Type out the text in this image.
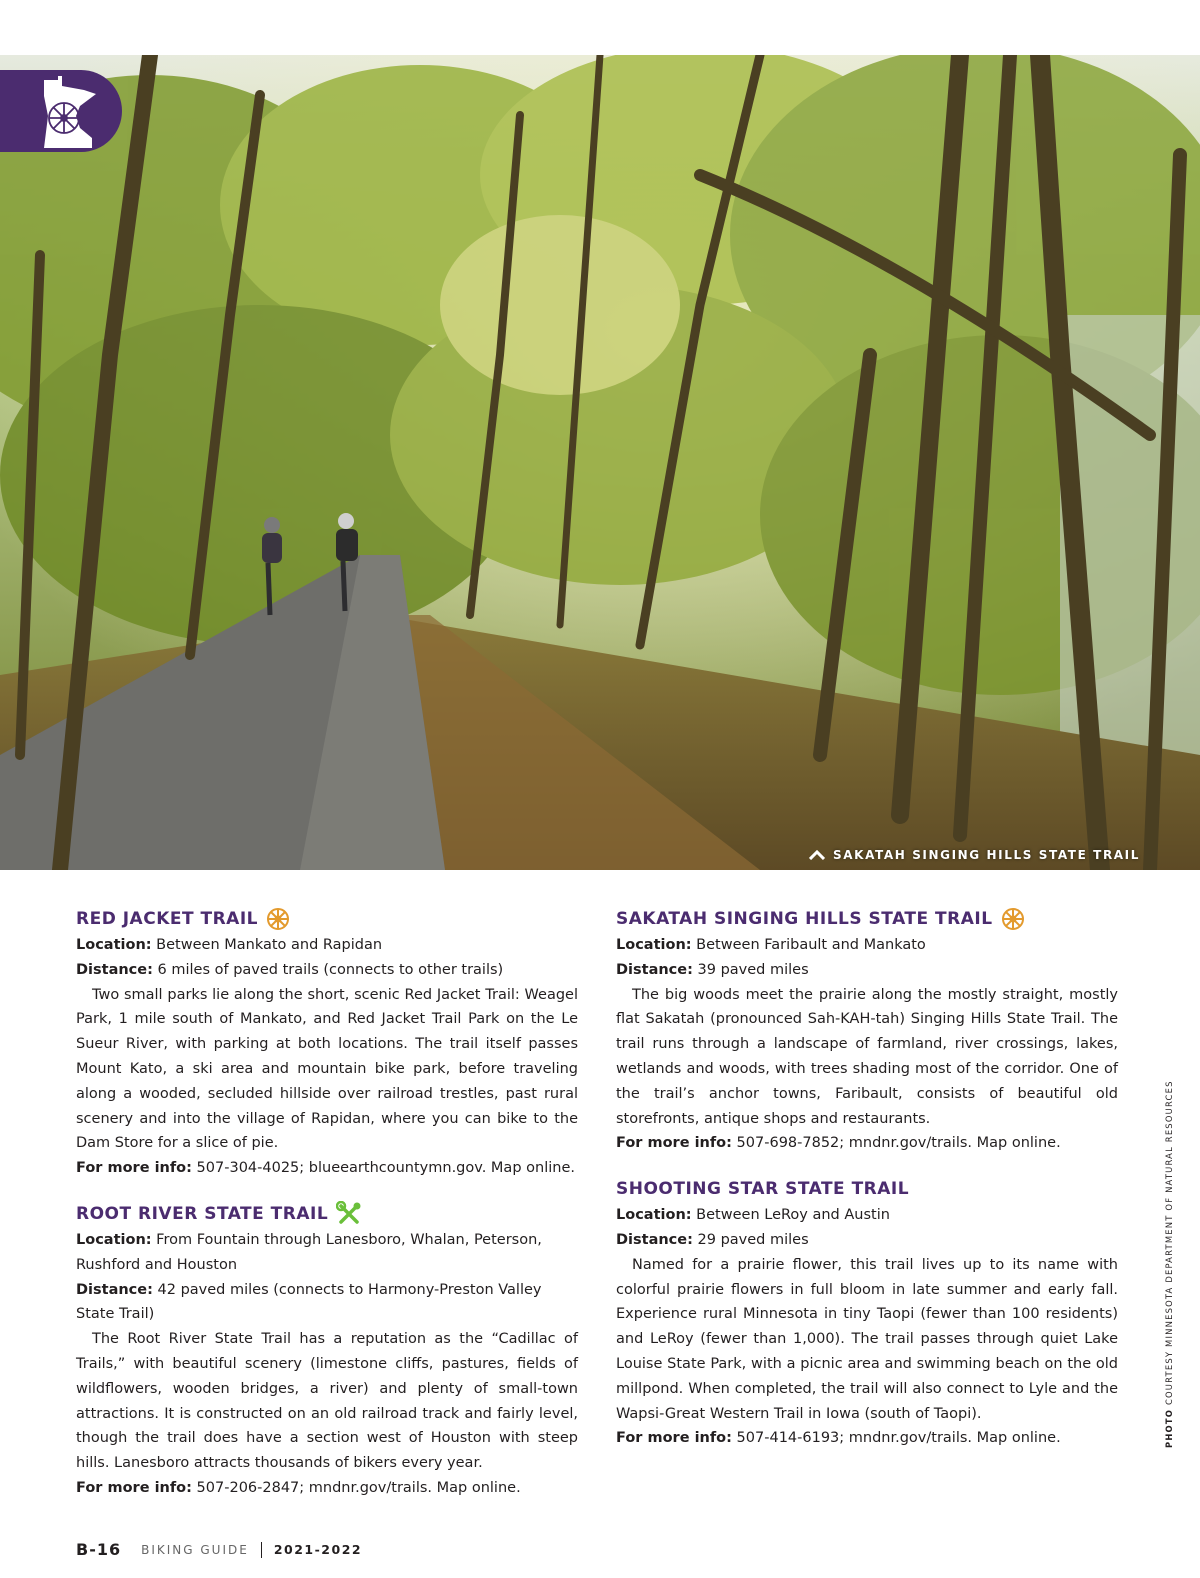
SAKATAH SINGING HILLS STATE TRAIL
RED JACKET TRAIL
Location: Between Mankato and Rapidan
Distance: 6 miles of paved trails (connects to other trails)
Two small parks lie along the short, scenic Red Jacket Trail: Weagel Park, 1 mile south of Mankato, and Red Jacket Trail Park on the Le Sueur River, with parking at both locations. The trail itself passes Mount Kato, a ski area and mountain bike park, before traveling along a wooded, secluded hillside over railroad trestles, past rural scenery and into the village of Rapidan, where you can bike to the Dam Store for a slice of pie.
For more info: 507-304-4025; blueearthcountymn.gov. Map online.
ROOT RIVER STATE TRAIL
Location: From Fountain through Lanesboro, Whalan, Peterson, Rushford and Houston
Distance: 42 paved miles (connects to Harmony-Preston Valley State Trail)
The Root River State Trail has a reputation as the “Cadillac of Trails,” with beautiful scenery (limestone cliffs, pastures, fields of wildflowers, wooden bridges, a river) and plenty of small-town attractions. It is constructed on an old railroad track and fairly level, though the trail does have a section west of Houston with steep hills. Lanesboro attracts thousands of bikers every year.
For more info: 507-206-2847; mndnr.gov/trails. Map online.
SAKATAH SINGING HILLS STATE TRAIL
Location: Between Faribault and Mankato
Distance: 39 paved miles
The big woods meet the prairie along the mostly straight, mostly flat Sakatah (pronounced Sah-KAH-tah) Singing Hills State Trail. The trail runs through a landscape of farmland, river crossings, lakes, wetlands and woods, with trees shading most of the corridor. One of the trail’s anchor towns, Faribault, consists of beautiful old storefronts, antique shops and restaurants.
For more info: 507-698-7852; mndnr.gov/trails. Map online.
SHOOTING STAR STATE TRAIL
Location: Between LeRoy and Austin
Distance: 29 paved miles
Named for a prairie flower, this trail lives up to its name with colorful prairie flowers in full bloom in late summer and early fall. Experience rural Minnesota in tiny Taopi (fewer than 100 residents) and LeRoy (fewer than 1,000). The trail passes through quiet Lake Louise State Park, with a picnic area and swimming beach on the old millpond. When completed, the trail will also connect to Lyle and the Wapsi-Great Western Trail in Iowa (south of Taopi).
For more info: 507-414-6193; mndnr.gov/trails. Map online.	PHOTO COURTESY MINNESOTA DEPARTMENT OF NATURAL RESOURCES
B-16 BIKING GUIDE 2021-2022
